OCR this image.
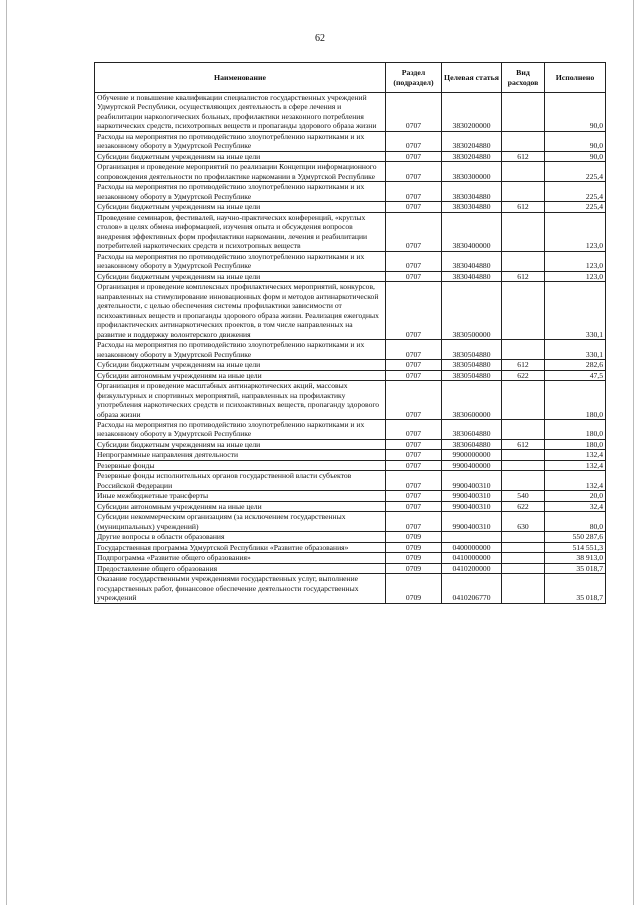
62
Наименование	Раздел (подраздел)	Целевая статья	Вид расходов	Исполнено
Обучение и повышение квалификации специалистов государственных учреждений Удмуртской Республики, осуществляющих деятельность в сфере лечения и реабилитации наркологических больных, профилактики незаконного потребления наркотических средств, психотропных веществ и пропаганды здорового образа жизни	0707	3830200000		90,0
Расходы на мероприятия по противодействию злоупотреблению наркотиками и их незаконному обороту в Удмуртской Республике	0707	3830204880		90,0
Субсидии бюджетным учреждениям на иные цели	0707	3830204880	612	90,0
Организация и проведение мероприятий по реализации Концепции информационного сопровождения деятельности по профилактике наркомании в Удмуртской Республике	0707	3830300000		225,4
Расходы на мероприятия по противодействию злоупотреблению наркотиками и их незаконному обороту в Удмуртской Республике	0707	3830304880		225,4
Субсидии бюджетным учреждениям на иные цели	0707	3830304880	612	225,4
Проведение семинаров, фестивалей, научно-практических конференций, «круглых столов» в целях обмена информацией, изучения опыта и обсуждения вопросов внедрения эффективных форм профилактики наркомании, лечения и реабилитации потребителей наркотических средств и психотропных веществ	0707	3830400000		123,0
Расходы на мероприятия по противодействию злоупотреблению наркотиками и их незаконному обороту в Удмуртской Республике	0707	3830404880		123,0
Субсидии бюджетным учреждениям на иные цели	0707	3830404880	612	123,0
Организация и проведение комплексных профилактических мероприятий, конкурсов, направленных на стимулирование инновационных форм и методов антинаркотической деятельности, с целью обеспечения системы профилактики зависимости от психоактивных веществ и пропаганды здорового образа жизни. Реализация ежегодных профилактических антинаркотических проектов, в том числе направленных на развитие и поддержку волонтерского движения	0707	3830500000		330,1
Расходы на мероприятия по противодействию злоупотреблению наркотиками и их незаконному обороту в Удмуртской Республике	0707	3830504880		330,1
Субсидии бюджетным учреждениям на иные цели	0707	3830504880	612	282,6
Субсидии автономным учреждениям на иные цели	0707	3830504880	622	47,5
Организация и проведение масштабных антинаркотических акций, массовых физкультурных и спортивных мероприятий, направленных на профилактику употребления наркотических средств и психоактивных веществ, пропаганду здорового образа жизни	0707	3830600000		180,0
Расходы на мероприятия по противодействию злоупотреблению наркотиками и их незаконному обороту в Удмуртской Республике	0707	3830604880		180,0
Субсидии бюджетным учреждениям на иные цели	0707	3830604880	612	180,0
Непрограммные направления деятельности	0707	9900000000		132,4
Резервные фонды	0707	9900400000		132,4
Резервные фонды исполнительных органов государственной власти субъектов Российской Федерации	0707	9900400310		132,4
Иные межбюджетные трансферты	0707	9900400310	540	20,0
Субсидии автономным учреждениям на иные цели	0707	9900400310	622	32,4
Субсидии некоммерческим организациям (за исключением государственных (муниципальных) учреждений)	0707	9900400310	630	80,0
Другие вопросы в области образования	0709			550 287,6
Государственная программа Удмуртской Республики «Развитие образования»	0709	0400000000		514 551,3
Подпрограмма «Развитие общего образования»	0709	0410000000		38 913,0
Предоставление общего образования	0709	0410200000		35 018,7
Оказание государственными учреждениями государственных услуг, выполнение государственных работ, финансовое обеспечение деятельности государственных учреждений	0709	0410206770		35 018,7
